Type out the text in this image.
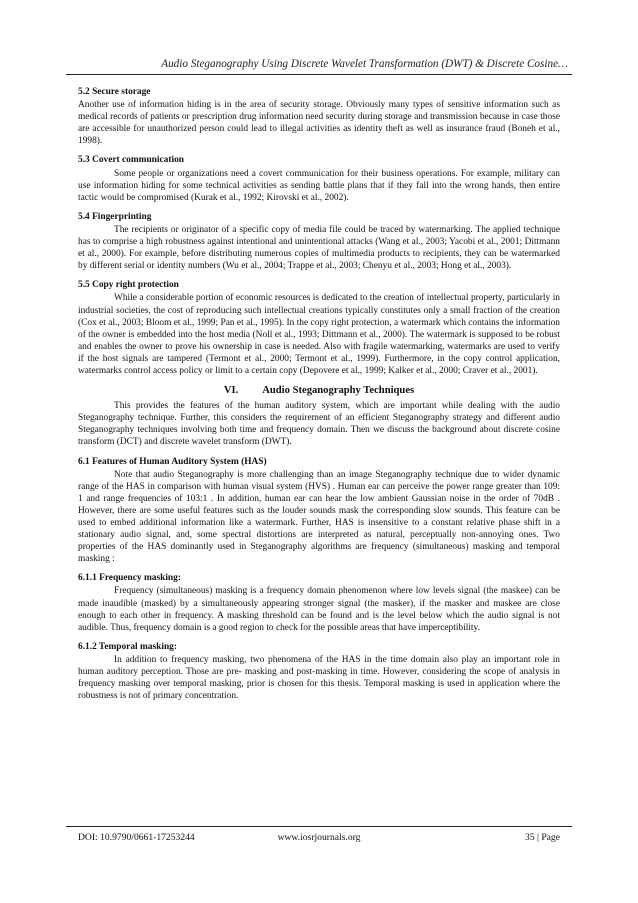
Audio Steganography Using Discrete Wavelet Transformation (DWT) & Discrete Cosine…
5.2 Secure storage

Another use of information hiding is in the area of security storage. Obviously many types of sensitive information such as medical records of patients or prescription drug information need security during storage and transmission because in case those are accessible for unauthorized person could lead to illegal activities as identity theft as well as insurance fraud (Boneh et al., 1998).

5.3 Covert communication

Some people or organizations need a covert communication for their business operations. For example, military can use information hiding for some technical activities as sending battle plans that if they fall into the wrong hands, then entire tactic would be compromised (Kurak et al., 1992; Kirovski et al., 2002).

5.4 Fingerprinting

The recipients or originator of a specific copy of media file could be traced by watermarking. The applied technique has to comprise a high robustness against intentional and unintentional attacks (Wang et al., 2003; Yacobi et al., 2001; Dittmann et al., 2000). For example, before distributing numerous copies of multimedia products to recipients, they can be watermarked by different serial or identity numbers (Wu et al., 2004; Trappe et al., 2003; Chenyu et al., 2003; Hong et al., 2003).

5.5 Copy right protection

While a considerable portion of economic resources is dedicated to the creation of intellectual property, particularly in industrial societies, the cost of reproducing such intellectual creations typically constitutes only a small fraction of the creation (Cox et al., 2003; Bloom et al., 1999; Pan et al., 1995). In the copy right protection, a watermark which contains the information of the owner is embedded into the host media (Noll et al., 1993; Dittmann et al., 2000). The watermark is supposed to be robust and enables the owner to prove his ownership in case is needed. Also with fragile watermarking, watermarks are used to verify if the host signals are tampered (Termont et al., 2000; Termont et al., 1999). Furthermore, in the copy control application, watermarks control access policy or limit to a certain copy (Depovere et al., 1999; Kalker et al., 2000; Craver et al., 2001).

VI. Audio Steganography Techniques

This provides the features of the human auditory system, which are important while dealing with the audio Steganography technique. Further, this considers the requirement of an efficient Steganography strategy and different audio Steganography techniques involving both time and frequency domain. Then we discuss the background about discrete cosine transform (DCT) and discrete wavelet transform (DWT).

6.1 Features of Human Auditory System (HAS)

Note that audio Steganography is more challenging than an image Steganography technique due to wider dynamic range of the HAS in comparison with human visual system (HVS) . Human ear can perceive the power range greater than 109: 1 and range frequencies of 103:1 . In addition, human ear can hear the low ambient Gaussian noise in the order of 70dB . However, there are some useful features such as the louder sounds mask the corresponding slow sounds. This feature can be used to embed additional information like a watermark. Further, HAS is insensitive to a constant relative phase shift in a stationary audio signal, and, some spectral distortions are interpreted as natural, perceptually non-annoying ones. Two properties of the HAS dominantly used in Steganography algorithms are frequency (simultaneous) masking and temporal masking :

6.1.1 Frequency masking:

Frequency (simultaneous) masking is a frequency domain phenomenon where low levels signal (the maskee) can be made inaudible (masked) by a simultaneously appearing stronger signal (the masker), if the masker and maskee are close enough to each other in frequency. A masking threshold can be found and is the level below which the audio signal is not audible. Thus, frequency domain is a good region to check for the possible areas that have imperceptibility.

6.1.2 Temporal masking:

In addition to frequency masking, two phenomena of the HAS in the time domain also play an important role in human auditory perception. Those are pre- masking and post-masking in time. However, considering the scope of analysis in frequency masking over temporal masking, prior is chosen for this thesis. Temporal masking is used in application where the robustness is not of primary concentration.

DOI: 10.9790/0661-17253244	www.iosrjournals.org	35 | Page
